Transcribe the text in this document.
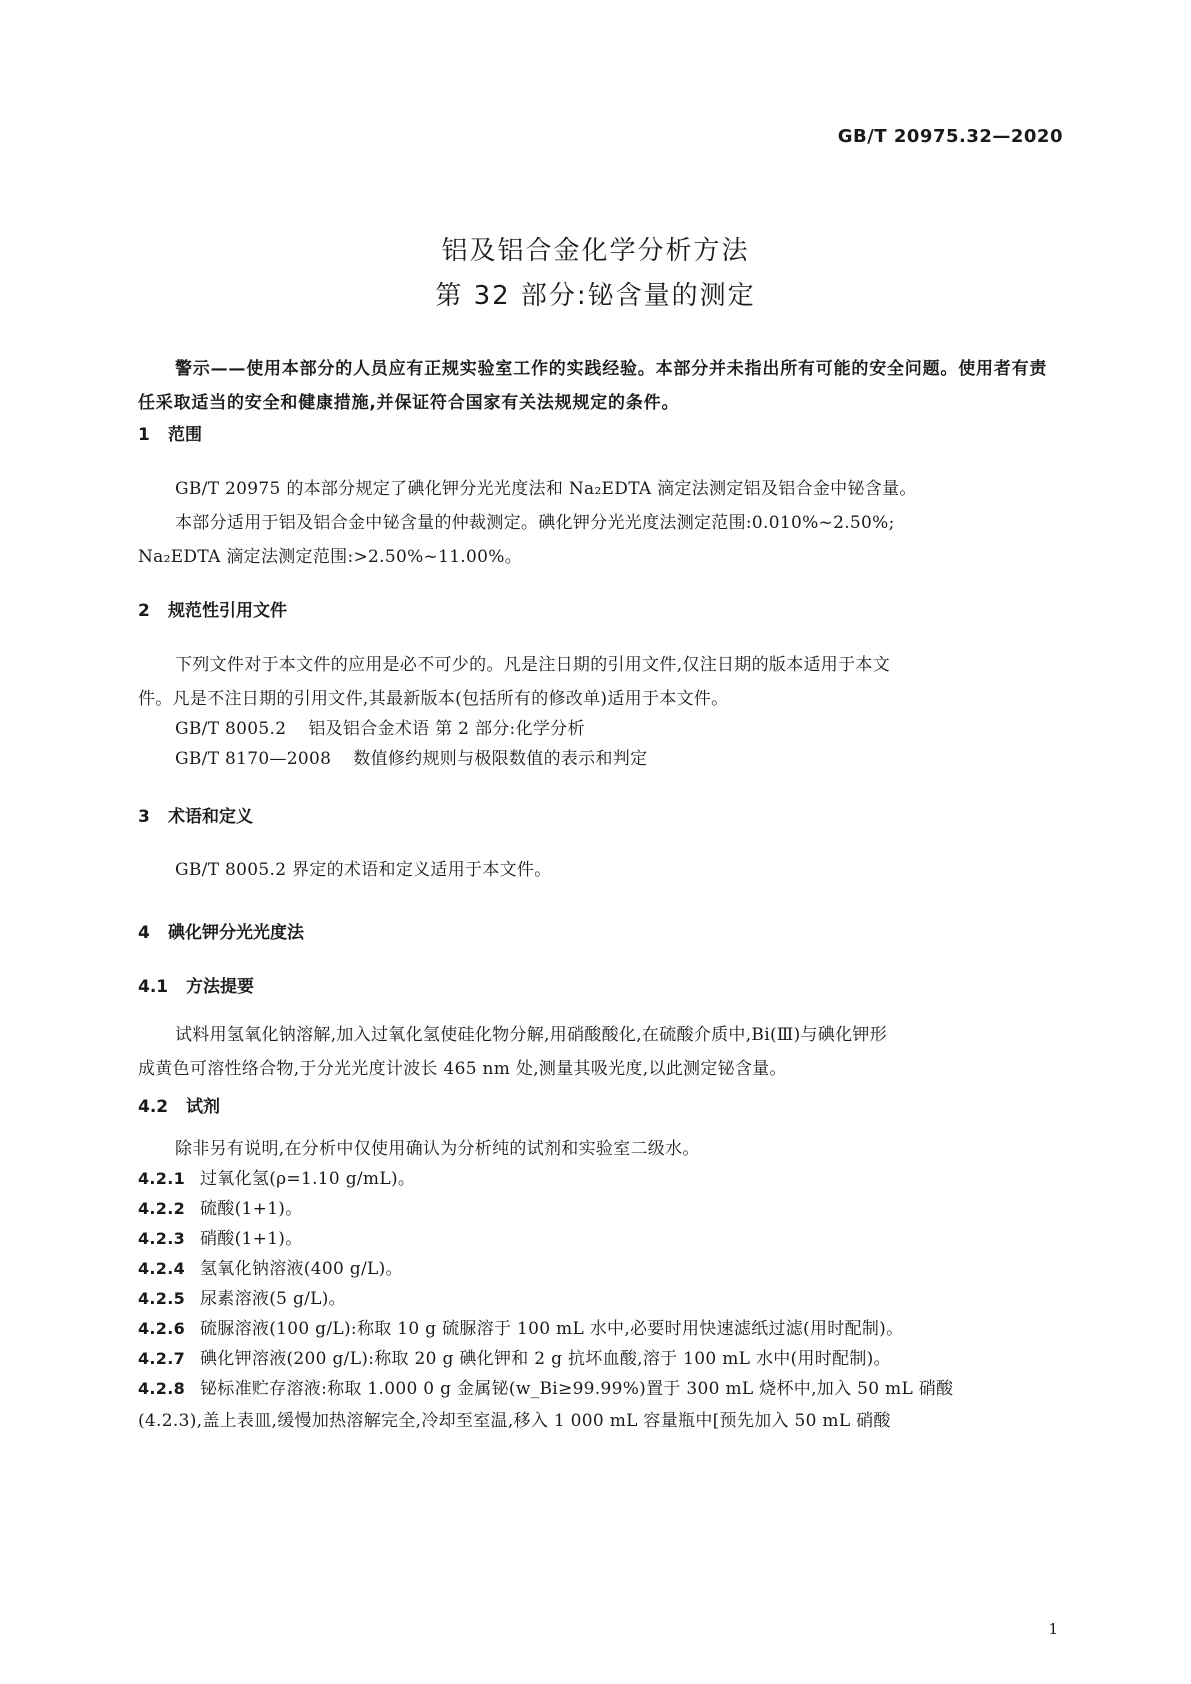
GB/T 20975.32—2020
铝及铝合金化学分析方法
第 32 部分:铋含量的测定
警示——使用本部分的人员应有正规实验室工作的实践经验。本部分并未指出所有可能的安全问题。使用者有责任采取适当的安全和健康措施,并保证符合国家有关法规规定的条件。
1 范围
GB/T 20975 的本部分规定了碘化钾分光光度法和 Na₂EDTA 滴定法测定铝及铝合金中铋含量。
本部分适用于铝及铝合金中铋含量的仲裁测定。碘化钾分光光度法测定范围:0.010%~2.50%;
Na₂EDTA 滴定法测定范围:>2.50%~11.00%。
2 规范性引用文件
下列文件对于本文件的应用是必不可少的。凡是注日期的引用文件,仅注日期的版本适用于本文
件。凡是不注日期的引用文件,其最新版本(包括所有的修改单)适用于本文件。
GB/T 8005.2 铝及铝合金术语 第 2 部分:化学分析
GB/T 8170—2008 数值修约规则与极限数值的表示和判定
3 术语和定义
GB/T 8005.2 界定的术语和定义适用于本文件。
4 碘化钾分光光度法
4.1 方法提要
试料用氢氧化钠溶解,加入过氧化氢使硅化物分解,用硝酸酸化,在硫酸介质中,Bi(Ⅲ)与碘化钾形
成黄色可溶性络合物,于分光光度计波长 465 nm 处,测量其吸光度,以此测定铋含量。
4.2 试剂
除非另有说明,在分析中仅使用确认为分析纯的试剂和实验室二级水。
4.2.1 过氧化氢(ρ=1.10 g/mL)。
4.2.2 硫酸(1+1)。
4.2.3 硝酸(1+1)。
4.2.4 氢氧化钠溶液(400 g/L)。
4.2.5 尿素溶液(5 g/L)。
4.2.6 硫脲溶液(100 g/L):称取 10 g 硫脲溶于 100 mL 水中,必要时用快速滤纸过滤(用时配制)。
4.2.7 碘化钾溶液(200 g/L):称取 20 g 碘化钾和 2 g 抗坏血酸,溶于 100 mL 水中(用时配制)。
4.2.8 铋标准贮存溶液:称取 1.000 0 g 金属铋(w_Bi≥99.99%)置于 300 mL 烧杯中,加入 50 mL 硝酸
(4.2.3),盖上表皿,缓慢加热溶解完全,冷却至室温,移入 1 000 mL 容量瓶中[预先加入 50 mL 硝酸
1
